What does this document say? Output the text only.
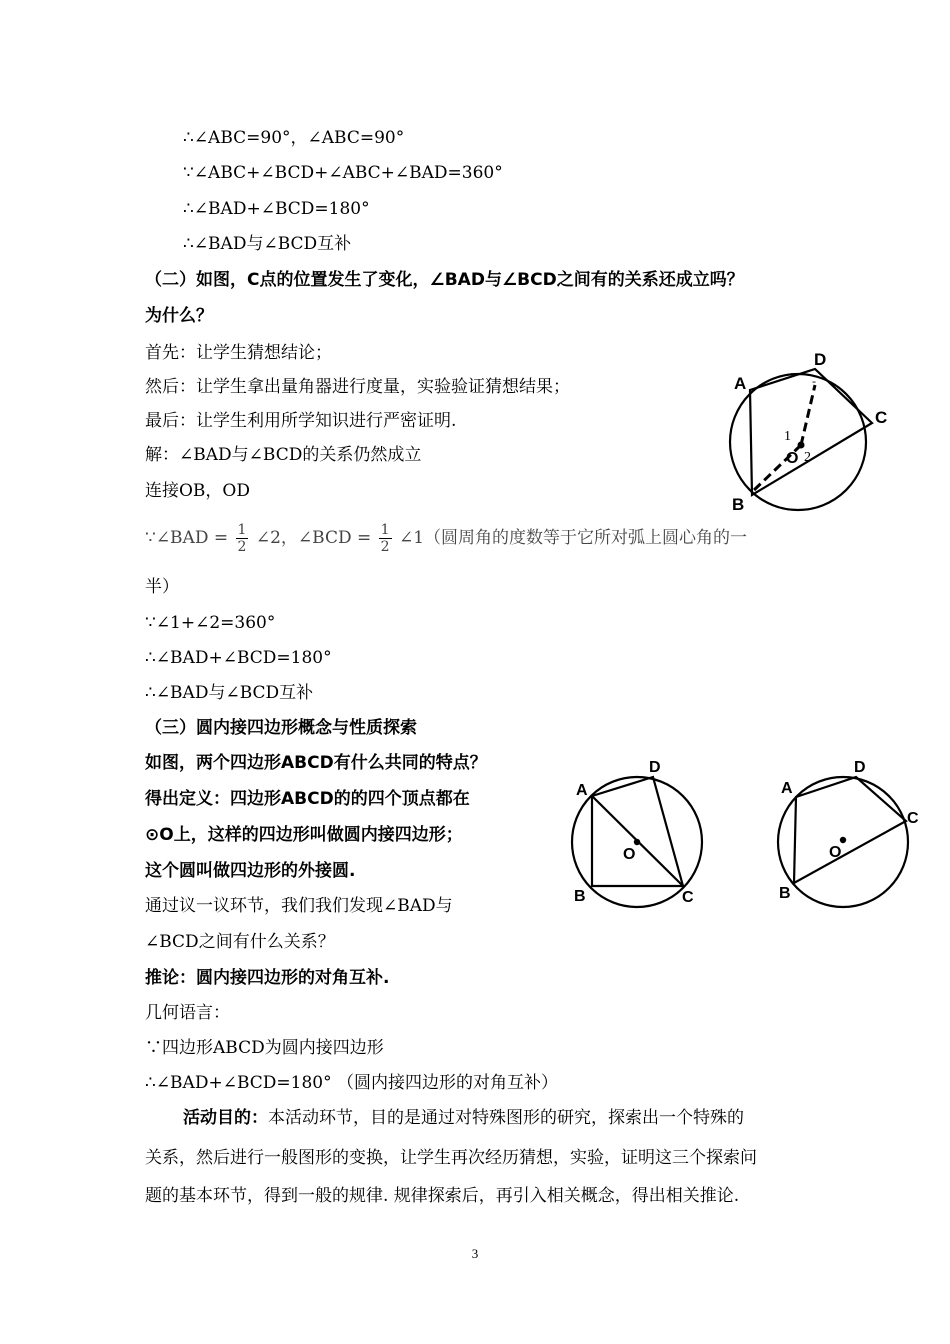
∴∠ABC=90°，∠ABC=90°
∵∠ABC+∠BCD+∠ABC+∠BAD=360°
∴∠BAD+∠BCD=180°
∴∠BAD与∠BCD互补
（二）如图，C点的位置发生了变化，∠BAD与∠BCD之间有的关系还成立吗？
为什么？
首先：让学生猜想结论；
然后：让学生拿出量角器进行度量，实验验证猜想结果；
最后：让学生利用所学知识进行严密证明.
解：∠BAD与∠BCD的关系仍然成立
连接OB，OD
∵∠BAD = $\frac{1}{2}$ ∠2，∠BCD = $\frac{1}{2}$ ∠1（圆周角的度数等于它所对弧上圆心角的一
半）
∵∠1+∠2=360°
∴∠BAD+∠BCD=180°
∴∠BAD与∠BCD互补
（三）圆内接四边形概念与性质探索
如图，两个四边形ABCD有什么共同的特点？
得出定义：四边形ABCD的的四个顶点都在
⊙O上，这样的四边形叫做圆内接四边形；
这个圆叫做四边形的外接圆.
通过议一议环节，我们我们发现∠BAD与
∠BCD之间有什么关系？
推论：圆内接四边形的对角互补.
几何语言：
∵四边形ABCD为圆内接四边形
∴∠BAD+∠BCD=180° （圆内接四边形的对角互补）
活动目的：本活动环节，目的是通过对特殊图形的研究，探索出一个特殊的
关系，然后进行一般图形的变换，让学生再次经历猜想，实验，证明这三个探索问
题的基本环节，得到一般的规律. 规律探索后，再引入相关概念，得出相关推论.
A
B
C
D
O
1
2
-
A
B	C
D
O
A
B
C
D
O
3
